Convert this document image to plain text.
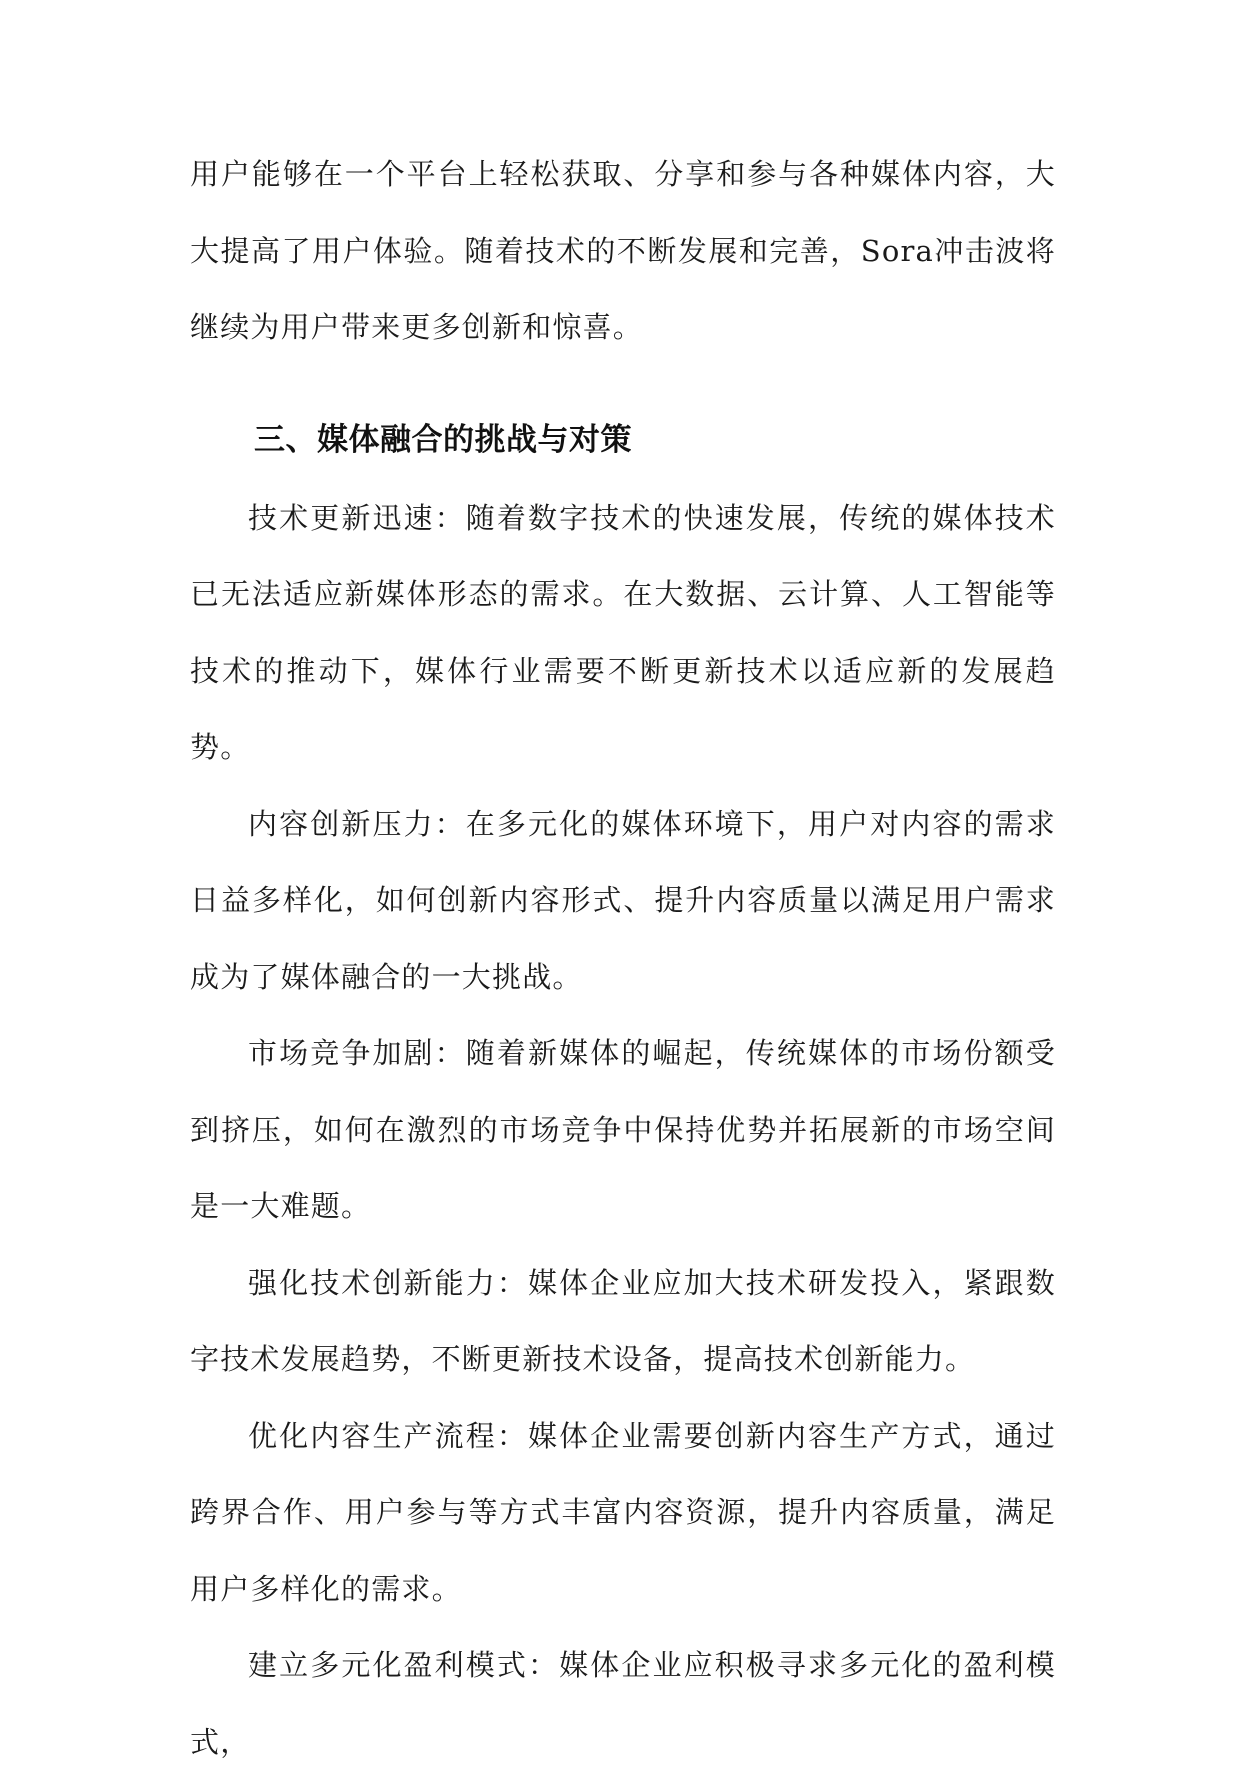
用户能够在一个平台上轻松获取、分享和参与各种媒体内容，大大提高了用户体验。随着技术的不断发展和完善，Sora冲击波将继续为用户带来更多创新和惊喜。

三、媒体融合的挑战与对策

技术更新迅速：随着数字技术的快速发展，传统的媒体技术已无法适应新媒体形态的需求。在大数据、云计算、人工智能等技术的推动下，媒体行业需要不断更新技术以适应新的发展趋势。

内容创新压力：在多元化的媒体环境下，用户对内容的需求日益多样化，如何创新内容形式、提升内容质量以满足用户需求成为了媒体融合的一大挑战。

市场竞争加剧：随着新媒体的崛起，传统媒体的市场份额受到挤压，如何在激烈的市场竞争中保持优势并拓展新的市场空间是一大难题。

强化技术创新能力：媒体企业应加大技术研发投入，紧跟数字技术发展趋势，不断更新技术设备，提高技术创新能力。

优化内容生产流程：媒体企业需要创新内容生产方式，通过跨界合作、用户参与等方式丰富内容资源，提升内容质量，满足用户多样化的需求。

建立多元化盈利模式：媒体企业应积极寻求多元化的盈利模式，
